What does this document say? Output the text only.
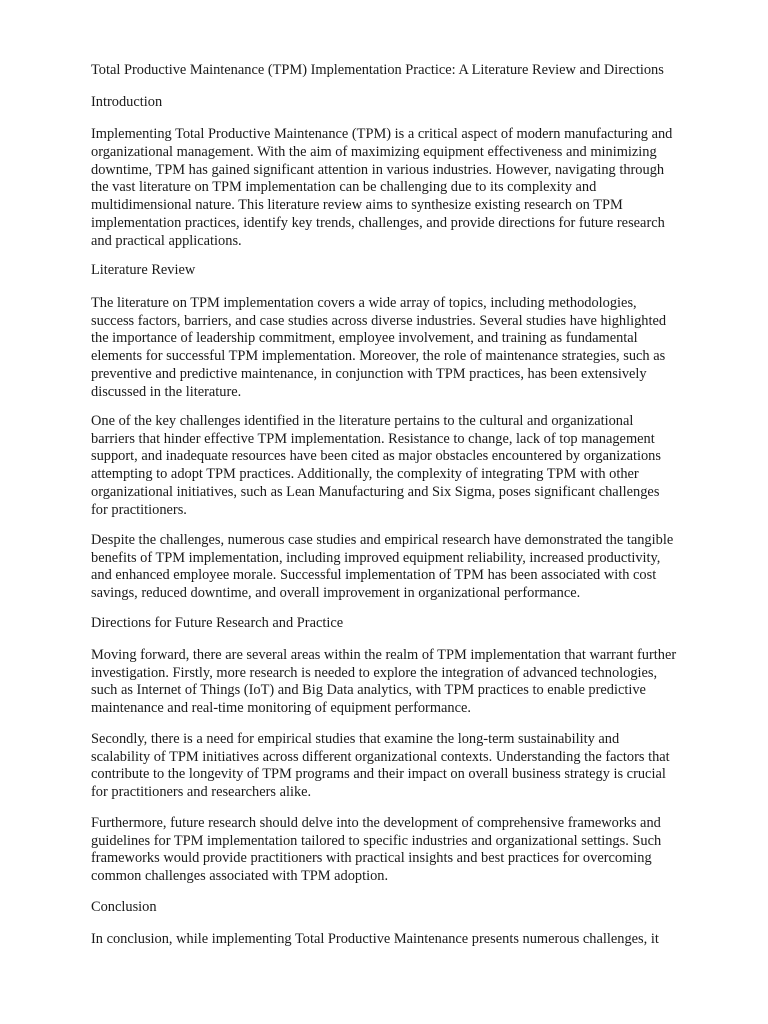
Total Productive Maintenance (TPM) Implementation Practice: A Literature Review and Directions
Introduction
Implementing Total Productive Maintenance (TPM) is a critical aspect of modern manufacturing and
organizational management. With the aim of maximizing equipment effectiveness and minimizing
downtime, TPM has gained significant attention in various industries. However, navigating through
the vast literature on TPM implementation can be challenging due to its complexity and
multidimensional nature. This literature review aims to synthesize existing research on TPM
implementation practices, identify key trends, challenges, and provide directions for future research
and practical applications.
Literature Review
The literature on TPM implementation covers a wide array of topics, including methodologies,
success factors, barriers, and case studies across diverse industries. Several studies have highlighted
the importance of leadership commitment, employee involvement, and training as fundamental
elements for successful TPM implementation. Moreover, the role of maintenance strategies, such as
preventive and predictive maintenance, in conjunction with TPM practices, has been extensively
discussed in the literature.
One of the key challenges identified in the literature pertains to the cultural and organizational
barriers that hinder effective TPM implementation. Resistance to change, lack of top management
support, and inadequate resources have been cited as major obstacles encountered by organizations
attempting to adopt TPM practices. Additionally, the complexity of integrating TPM with other
organizational initiatives, such as Lean Manufacturing and Six Sigma, poses significant challenges
for practitioners.
Despite the challenges, numerous case studies and empirical research have demonstrated the tangible
benefits of TPM implementation, including improved equipment reliability, increased productivity,
and enhanced employee morale. Successful implementation of TPM has been associated with cost
savings, reduced downtime, and overall improvement in organizational performance.
Directions for Future Research and Practice
Moving forward, there are several areas within the realm of TPM implementation that warrant further
investigation. Firstly, more research is needed to explore the integration of advanced technologies,
such as Internet of Things (IoT) and Big Data analytics, with TPM practices to enable predictive
maintenance and real-time monitoring of equipment performance.
Secondly, there is a need for empirical studies that examine the long-term sustainability and
scalability of TPM initiatives across different organizational contexts. Understanding the factors that
contribute to the longevity of TPM programs and their impact on overall business strategy is crucial
for practitioners and researchers alike.
Furthermore, future research should delve into the development of comprehensive frameworks and
guidelines for TPM implementation tailored to specific industries and organizational settings. Such
frameworks would provide practitioners with practical insights and best practices for overcoming
common challenges associated with TPM adoption.
Conclusion
In conclusion, while implementing Total Productive Maintenance presents numerous challenges, it
